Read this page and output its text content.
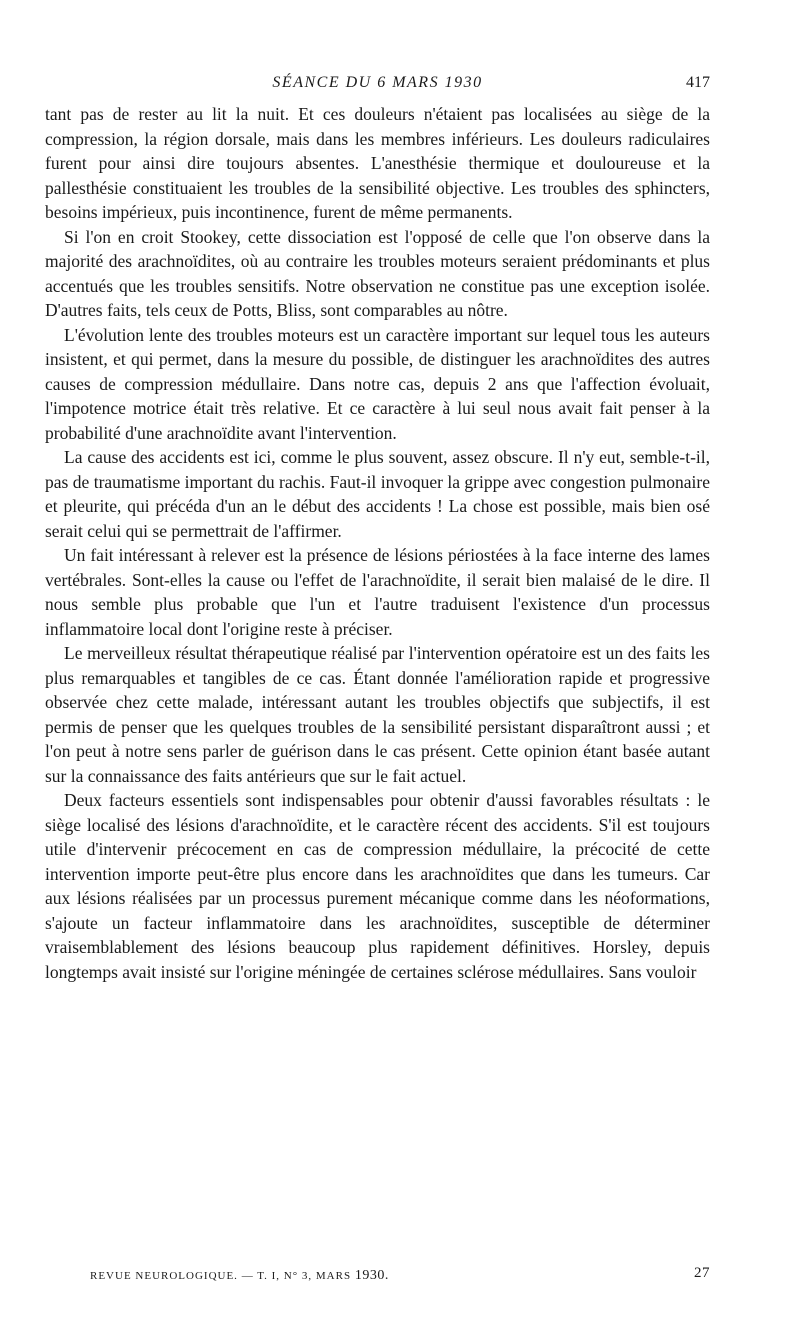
SÉANCE DU 6 MARS 1930	417

tant pas de rester au lit la nuit. Et ces douleurs n'étaient pas localisées au siège de la compression, la région dorsale, mais dans les membres inférieurs. Les douleurs radiculaires furent pour ainsi dire toujours absentes. L'anesthésie thermique et douloureuse et la pallesthésie constituaient les troubles de la sensibilité objective. Les troubles des sphincters, besoins impérieux, puis incontinence, furent de même permanents.

Si l'on en croit Stookey, cette dissociation est l'opposé de celle que l'on observe dans la majorité des arachnoïdites, où au contraire les troubles moteurs seraient prédominants et plus accentués que les troubles sensitifs. Notre observation ne constitue pas une exception isolée. D'autres faits, tels ceux de Potts, Bliss, sont comparables au nôtre.

L'évolution lente des troubles moteurs est un caractère important sur lequel tous les auteurs insistent, et qui permet, dans la mesure du possible, de distinguer les arachnoïdites des autres causes de compression médullaire. Dans notre cas, depuis 2 ans que l'affection évoluait, l'impotence motrice était très relative. Et ce caractère à lui seul nous avait fait penser à la probabilité d'une arachnoïdite avant l'intervention.

La cause des accidents est ici, comme le plus souvent, assez obscure. Il n'y eut, semble-t-il, pas de traumatisme important du rachis. Faut-il invoquer la grippe avec congestion pulmonaire et pleurite, qui précéda d'un an le début des accidents ! La chose est possible, mais bien osé serait celui qui se permettrait de l'affirmer.

Un fait intéressant à relever est la présence de lésions périostées à la face interne des lames vertébrales. Sont-elles la cause ou l'effet de l'arachnoïdite, il serait bien malaisé de le dire. Il nous semble plus probable que l'un et l'autre traduisent l'existence d'un processus inflammatoire local dont l'origine reste à préciser.

Le merveilleux résultat thérapeutique réalisé par l'intervention opératoire est un des faits les plus remarquables et tangibles de ce cas. Étant donnée l'amélioration rapide et progressive observée chez cette malade, intéressant autant les troubles objectifs que subjectifs, il est permis de penser que les quelques troubles de la sensibilité persistant disparaîtront aussi ; et l'on peut à notre sens parler de guérison dans le cas présent. Cette opinion étant basée autant sur la connaissance des faits antérieurs que sur le fait actuel.

Deux facteurs essentiels sont indispensables pour obtenir d'aussi favorables résultats : le siège localisé des lésions d'arachnoïdite, et le caractère récent des accidents. S'il est toujours utile d'intervenir précocement en cas de compression médullaire, la précocité de cette intervention importe peut-être plus encore dans les arachnoïdites que dans les tumeurs. Car aux lésions réalisées par un processus purement mécanique comme dans les néoformations, s'ajoute un facteur inflammatoire dans les arachnoïdites, susceptible de déterminer vraisemblablement des lésions beaucoup plus rapidement définitives. Horsley, depuis longtemps avait insisté sur l'origine méningée de certaines sclérose médullaires. Sans vouloir

REVUE NEUROLOGIQUE. — T. I, N° 3, MARS 1930.	27
